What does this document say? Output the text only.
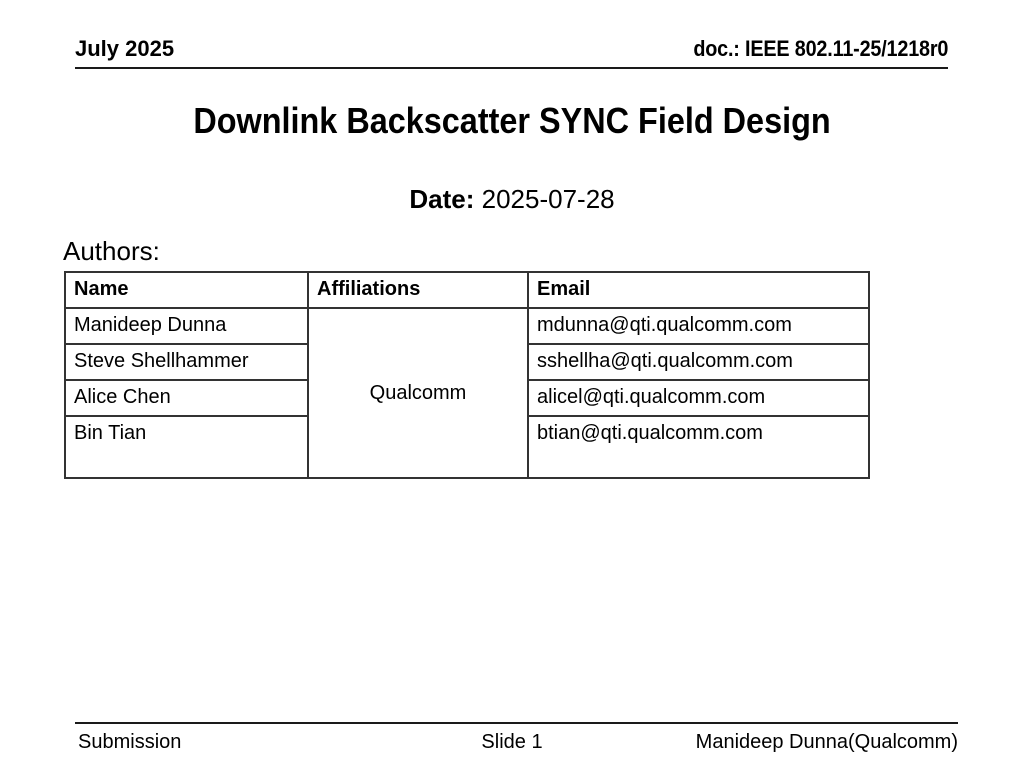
July 2025	doc.: IEEE 802.11-25/1218r0
Downlink Backscatter SYNC Field Design
Date: 2025-07-28
Authors:
Name	Affiliations	Email
Manideep Dunna	Qualcomm	mdunna@qti.qualcomm.com
Steve Shellhammer		sshellha@qti.qualcomm.com
Alice Chen		alicel@qti.qualcomm.com
Bin Tian		btian@qti.qualcomm.com
Slide 1
Submission	Manideep Dunna(Qualcomm)
